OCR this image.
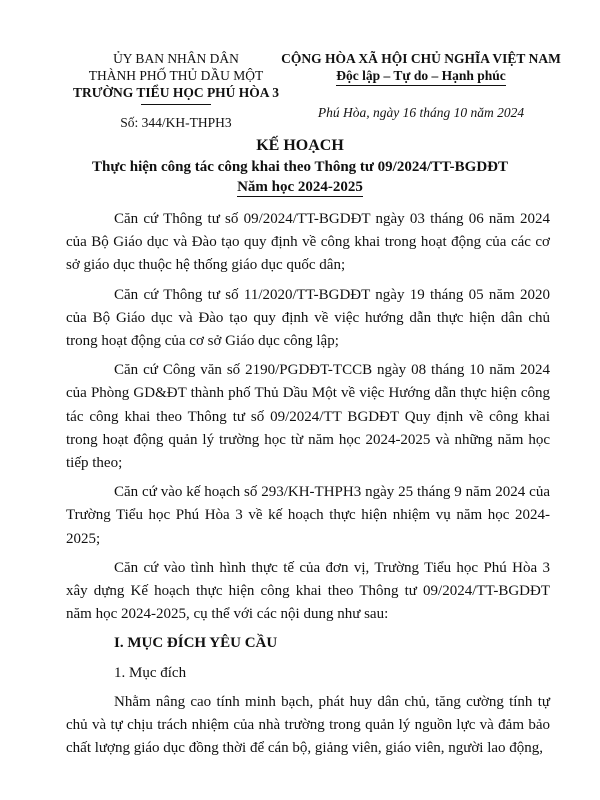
ỦY BAN NHÂN DÂN
THÀNH PHỐ THỦ DẦU MỘT
TRƯỜNG TIỂU HỌC PHÚ HÒA 3
Số: 344/KH-THPH3
CỘNG HÒA XÃ HỘI CHỦ NGHĨA VIỆT NAM
Độc lập – Tự do – Hạnh phúc
Phú Hòa, ngày 16 tháng 10 năm 2024
KẾ HOẠCH
Thực hiện công tác công khai theo Thông tư 09/2024/TT-BGDĐT
Năm học 2024-2025

Căn cứ Thông tư số 09/2024/TT-BGDĐT ngày 03 tháng 06 năm 2024 của Bộ Giáo dục và Đào tạo quy định về công khai trong hoạt động của các cơ sở giáo dục thuộc hệ thống giáo dục quốc dân;

Căn cứ Thông tư số 11/2020/TT-BGDĐT ngày 19 tháng 05 năm 2020 của Bộ Giáo dục và Đào tạo quy định về việc hướng dẫn thực hiện dân chủ trong hoạt động của cơ sở Giáo dục công lập;

Căn cứ Công văn số 2190/PGDĐT-TCCB ngày 08 tháng 10 năm 2024 của Phòng GD&ĐT thành phố Thủ Dầu Một về việc Hướng dẫn thực hiện công tác công khai theo Thông tư số 09/2024/TT BGDĐT Quy định về công khai trong hoạt động quản lý trường học từ năm học 2024-2025 và những năm học tiếp theo;

Căn cứ vào kế hoạch số 293/KH-THPH3 ngày 25 tháng 9 năm 2024 của Trường Tiểu học Phú Hòa 3 về kế hoạch thực hiện nhiệm vụ năm học 2024-2025;

Căn cứ vào tình hình thực tế của đơn vị, Trường Tiểu học Phú Hòa 3 xây dựng Kế hoạch thực hiện công khai theo Thông tư 09/2024/TT-BGDĐT năm học 2024-2025, cụ thể với các nội dung như sau:

I. MỤC ĐÍCH YÊU CẦU

1. Mục đích

Nhằm nâng cao tính minh bạch, phát huy dân chủ, tăng cường tính tự chủ và tự chịu trách nhiệm của nhà trường trong quản lý nguồn lực và đảm bảo chất lượng giáo dục đồng thời để cán bộ, giảng viên, giáo viên, người lao động,
